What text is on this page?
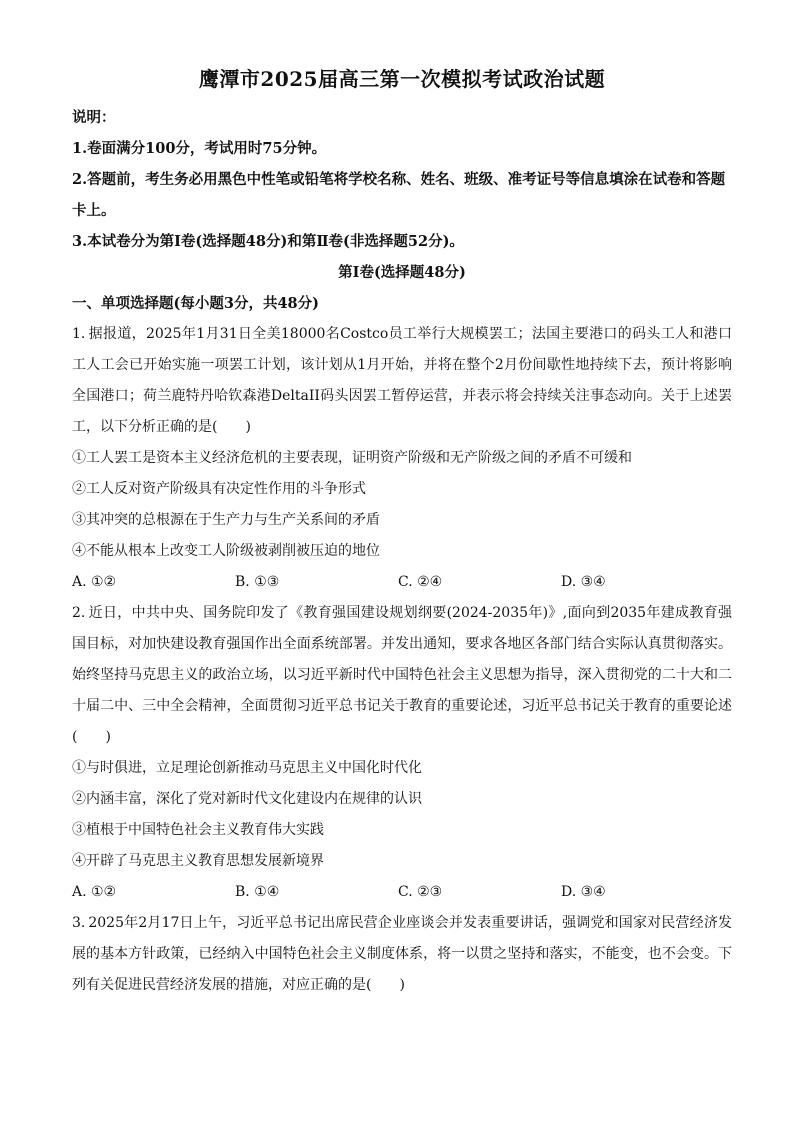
鹰潭市2025届高三第一次模拟考试政治试题
说明：
1.卷面满分100分，考试用时75分钟。
2.答题前，考生务必用黑色中性笔或铅笔将学校名称、姓名、班级、准考证号等信息填涂在试卷和答题卡上。
3.本试卷分为第Ⅰ卷(选择题48分)和第Ⅱ卷(非选择题52分)。
第Ⅰ卷(选择题48分)
一、单项选择题(每小题3分，共48分)
1. 据报道，2025年1月31日全美18000名Costco员工举行大规模罢工；法国主要港口的码头工人和港口工人工会已开始实施一项罢工计划，该计划从1月开始，并将在整个2月份间歇性地持续下去，预计将影响全国港口；荷兰鹿特丹哈钦森港DeltaII码头因罢工暂停运营，并表示将会持续关注事态动向。关于上述罢工，以下分析正确的是(　　)
①工人罢工是资本主义经济危机的主要表现，证明资产阶级和无产阶级之间的矛盾不可缓和
②工人反对资产阶级具有决定性作用的斗争形式
③其冲突的总根源在于生产力与生产关系间的矛盾
④不能从根本上改变工人阶级被剥削被压迫的地位
A. ①②	B. ①③	C. ②④	D. ③④
2. 近日，中共中央、国务院印发了《教育强国建设规划纲要(2024-2035年)》,面向到2035年建成教育强国目标，对加快建设教育强国作出全面系统部署。并发出通知，要求各地区各部门结合实际认真贯彻落实。始终坚持马克思主义的政治立场，以习近平新时代中国特色社会主义思想为指导，深入贯彻党的二十大和二十届二中、三中全会精神，全面贯彻习近平总书记关于教育的重要论述，习近平总书记关于教育的重要论述(　　)
①与时俱进，立足理论创新推动马克思主义中国化时代化
②内涵丰富，深化了党对新时代文化建设内在规律的认识
③植根于中国特色社会主义教育伟大实践
④开辟了马克思主义教育思想发展新境界
A. ①②	B. ①④	C. ②③	D. ③④
3. 2025年2月17日上午，习近平总书记出席民营企业座谈会并发表重要讲话，强调党和国家对民营经济发展的基本方针政策，已经纳入中国特色社会主义制度体系，将一以贯之坚持和落实，不能变，也不会变。下列有关促进民营经济发展的措施，对应正确的是(　　)
